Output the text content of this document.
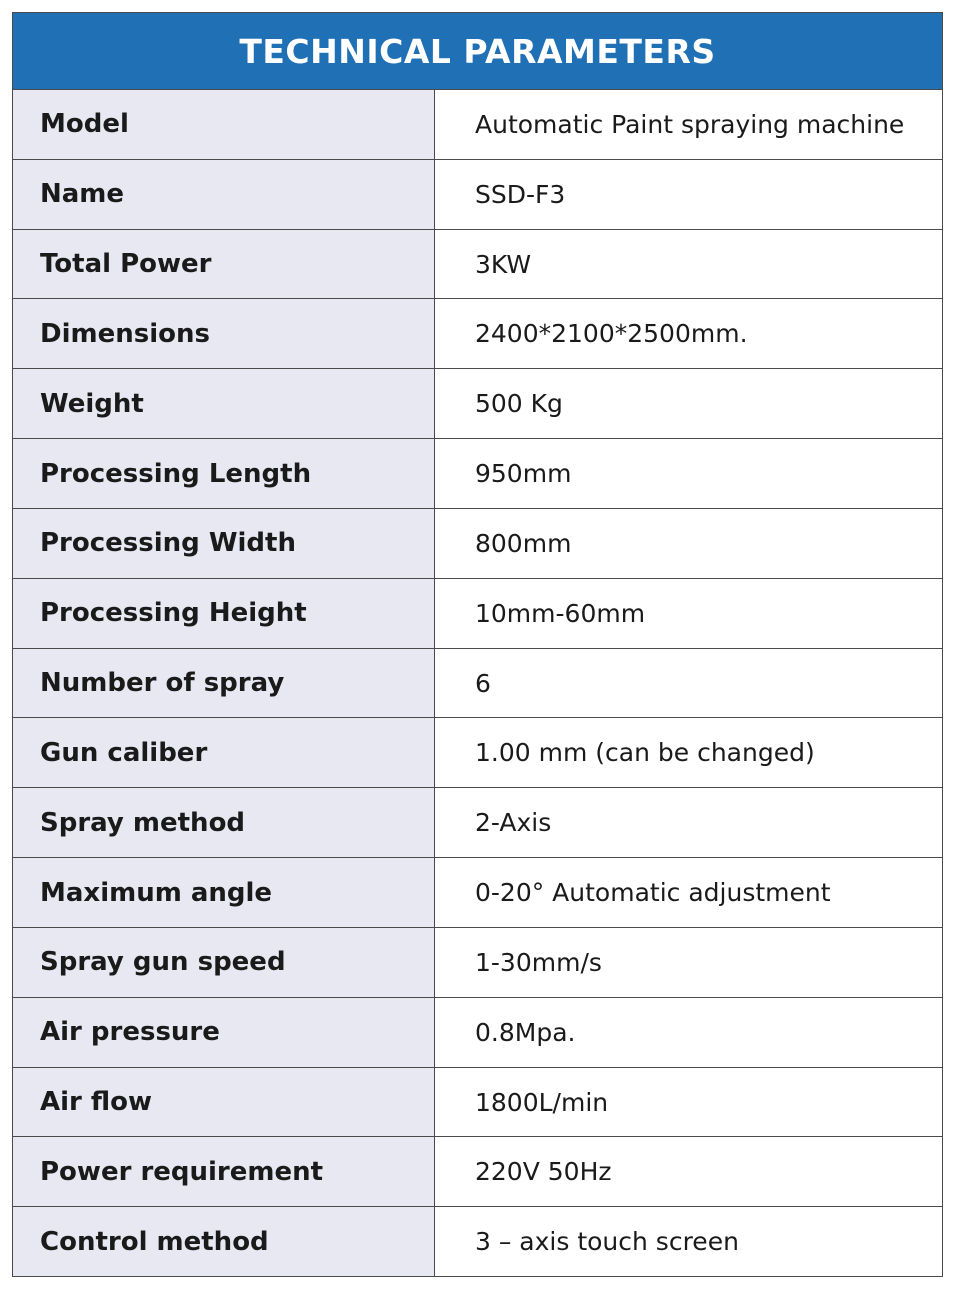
TECHNICAL PARAMETERS
Model	Automatic Paint spraying machine
Name	SSD-F3
Total Power	3KW
Dimensions	2400*2100*2500mm.
Weight	500 Kg
Processing Length	950mm
Processing Width	800mm
Processing Height	10mm-60mm
Number of spray	6
Gun caliber	1.00 mm (can be changed)
Spray method	2-Axis
Maximum angle	0-20° Automatic adjustment
Spray gun speed	1-30mm/s
Air pressure	0.8Mpa.
Air flow	1800L/min
Power requirement	220V 50Hz
Control method	3 – axis touch screen
